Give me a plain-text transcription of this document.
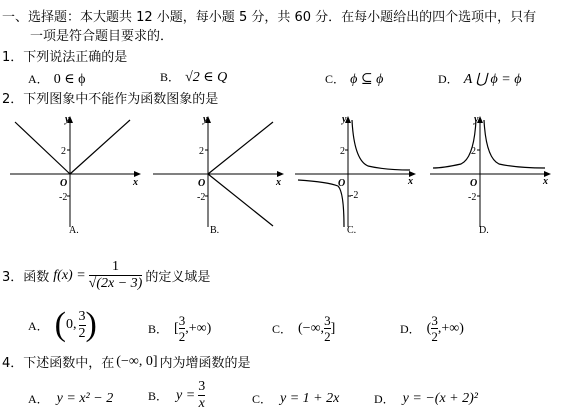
一、选择题：本大题共 12 小题，每小题 5 分，共 60 分．在每小题给出的四个选项中，只有
一项是符合题目要求的．
1．下列说法正确的是
A． 0 ∈ ϕ	B． √2 ∈ Q	C． ϕ ⊆ ϕ	D． A ⋃ ϕ = ϕ
2．下列图象中不能作为函数图象的是
y
x
O
2
-2
A.
y
x
O
2
-2
B.
y
x
O
2
-2
C.
y
x
O
2
-2
D.
3．函数 $f(x) = \frac{1}{√(2x - 3)}$ 的定义域是
A． ( 0, $\frac{3}{2}$ )	B． [ $\frac{3}{2}$ ,+∞)	C． (−∞, $\frac{3}{2}$ ]	D． ( $\frac{3}{2}$ ,+∞)
4．下述函数中，在 (−∞, 0] 内为增函数的是
A． y = x² − 2	B． $y = \frac{3}{x}$	C． y = 1 + 2x	D． y = −(x + 2)²
